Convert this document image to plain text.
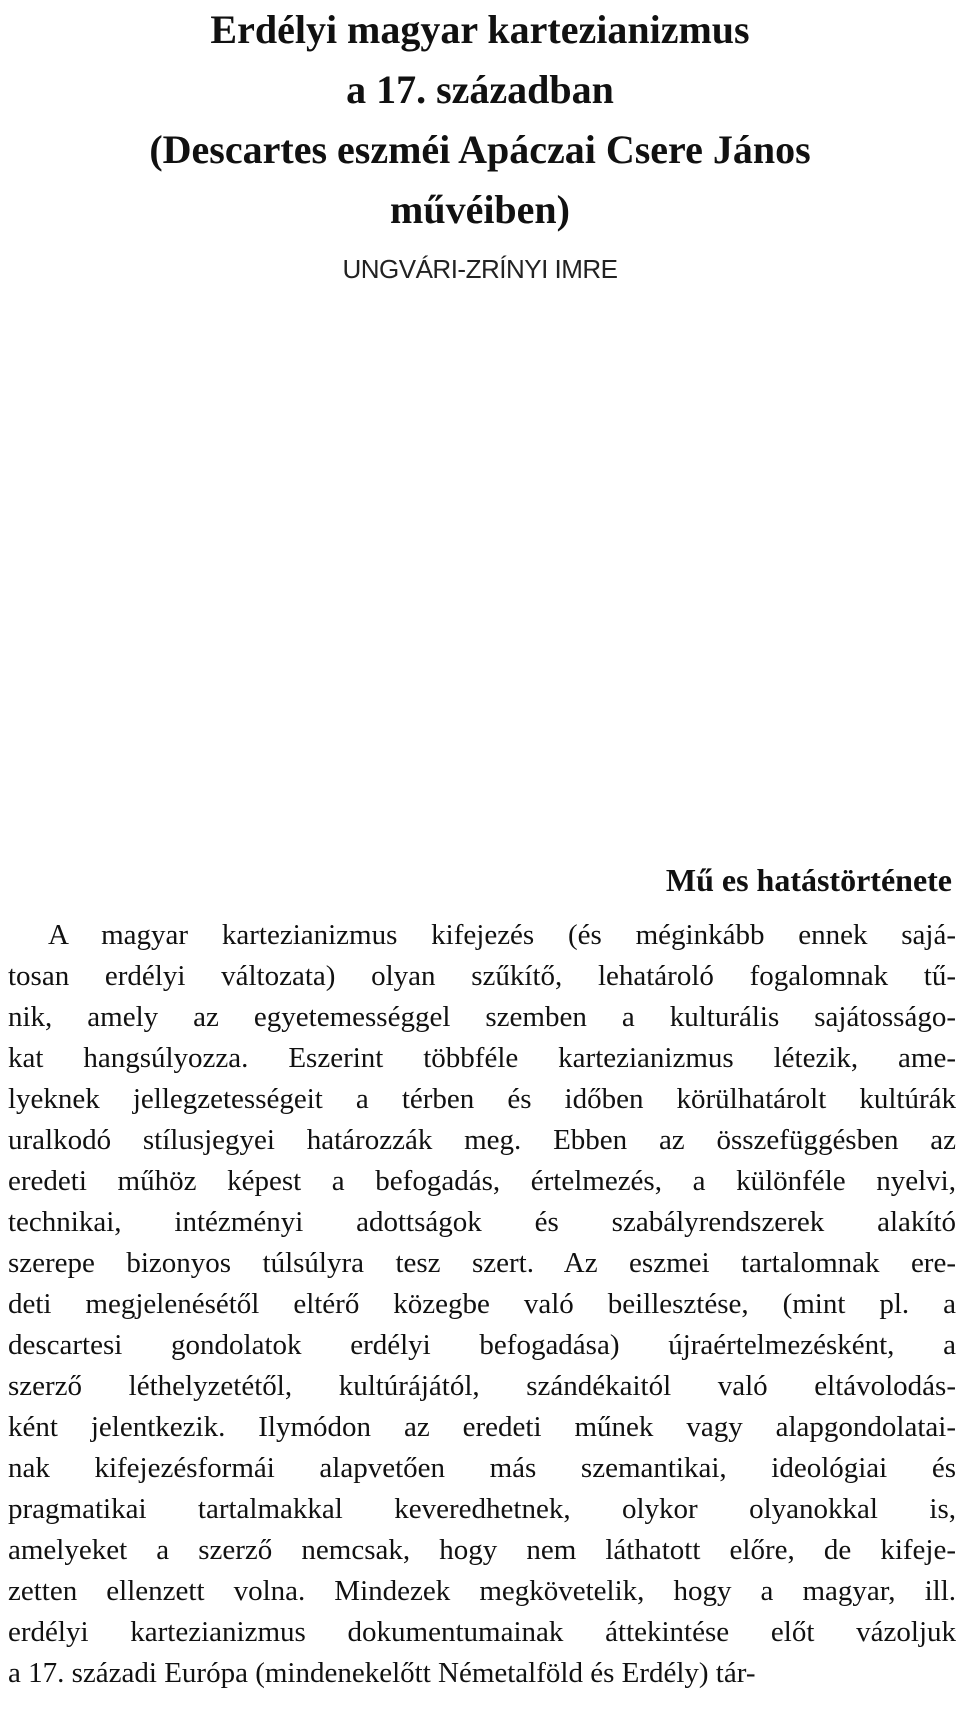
Erdélyi magyar kartezianizmus
a 17. században
(Descartes eszméi Apáczai Csere János
művéiben)
UNGVÁRI-ZRÍNYI IMRE
Mű es hatástörténete
A magyar kartezianizmus kifejezés (és méginkább ennek sajá-
tosan erdélyi változata) olyan szűkítő, lehatároló fogalomnak tű-
nik, amely az egyetemességgel szemben a kulturális sajátosságo-
kat hangsúlyozza. Eszerint többféle kartezianizmus létezik, ame-
lyeknek jellegzetességeit a térben és időben körülhatárolt kultúrák
uralkodó stílusjegyei határozzák meg. Ebben az összefüggésben az
eredeti műhöz képest a befogadás, értelmezés, a különféle nyelvi,
technikai, intézményi adottságok és szabályrendszerek alakító
szerepe bizonyos túlsúlyra tesz szert. Az eszmei tartalomnak ere-
deti megjelenésétől eltérő közegbe való beillesztése, (mint pl. a
descartesi gondolatok erdélyi befogadása) újraértelmezésként, a
szerző léthelyzetétől, kultúrájától, szándékaitól való eltávolodás-
ként jelentkezik. Ilymódon az eredeti műnek vagy alapgondolatai-
nak kifejezésformái alapvetően más szemantikai, ideológiai és
pragmatikai tartalmakkal keveredhetnek, olykor olyanokkal is,
amelyeket a szerző nemcsak, hogy nem láthatott előre, de kifeje-
zetten ellenzett volna. Mindezek megkövetelik, hogy a magyar, ill.
erdélyi kartezianizmus dokumentumainak áttekintése előt vázoljuk
a 17. századi Európa (mindenekelőtt Németalföld és Erdély) tár-
